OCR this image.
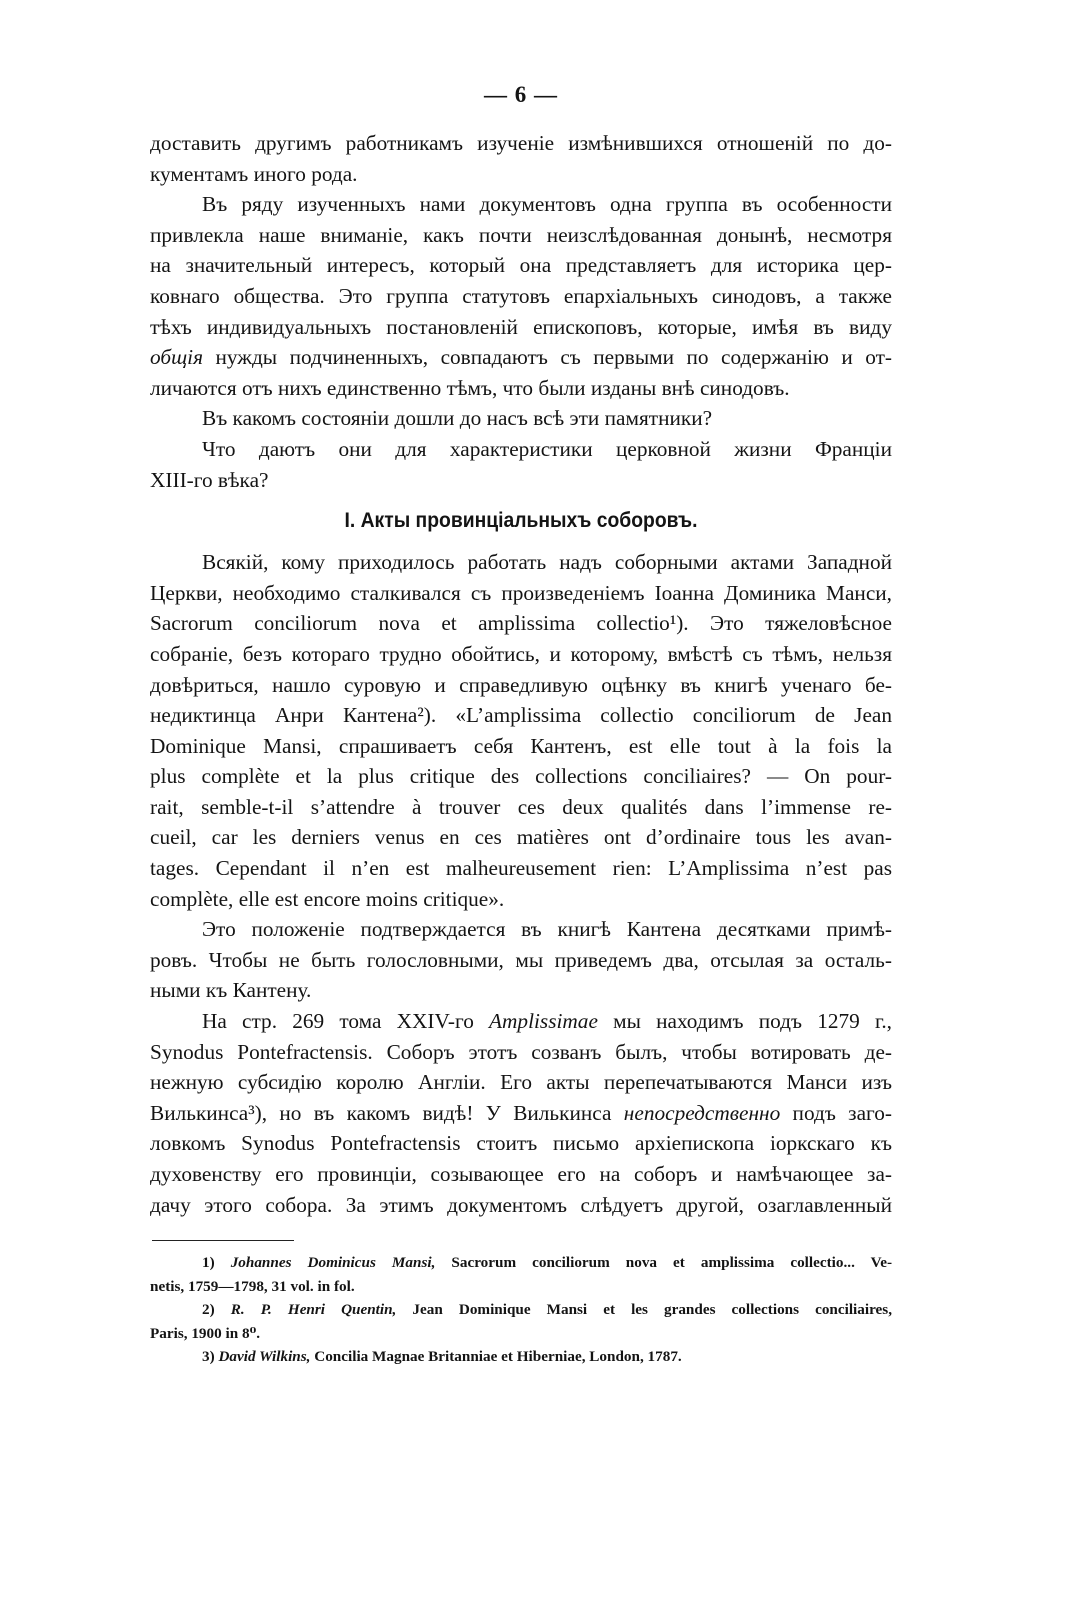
— 6 —
доставить другимъ работникамъ изученіе измѣнившихся отношеній по до-
кументамъ иного рода.
Въ ряду изученныхъ нами документовъ одна группа въ особенности
привлекла наше вниманіе, какъ почти неизслѣдованная донынѣ, несмотря
на значительный интересъ, который она представляетъ для историка цер-
ковнаго общества. Это группа статутовъ епархіальныхъ синодовъ, а также
тѣхъ индивидуальныхъ постановленій епископовъ, которые, имѣя въ виду
общія нужды подчиненныхъ, совпадаютъ съ первыми по содержанію и от-
личаются отъ нихъ единственно тѣмъ, что были изданы внѣ синодовъ.
Въ какомъ состояніи дошли до насъ всѣ эти памятники?
Что даютъ они для характеристики церковной жизни Франціи
XIII-го вѣка?
I. Акты провинціальныхъ соборовъ.
Всякій, кому приходилось работать надъ соборными актами Западной
Церкви, необходимо сталкивался съ произведеніемъ Іоанна Доминика Манси,
Sacrorum conciliorum nova et amplissima collectio¹). Это тяжеловѣсное
собраніе, безъ котораго трудно обойтись, и которому, вмѣстѣ съ тѣмъ, нельзя
довѣриться, нашло суровую и справедливую оцѣнку въ книгѣ ученаго бе-
недиктинца Анри Кантена²). «L’amplissima collectio conciliorum de Jean
Dominique Mansi, спрашиваетъ себя Кантенъ, est elle tout à la fois la
plus complète et la plus critique des collections conciliaires? — On pour-
rait, semble-t-il s’attendre à trouver ces deux qualités dans l’immense re-
cueil, car les derniers venus en ces matières ont d’ordinaire tous les avan-
tages. Cependant il n’en est malheureusement rien: L’Amplissima n’est pas
complète, elle est encore moins critique».
Это положеніе подтверждается въ книгѣ Кантена десятками примѣ-
ровъ. Чтобы не быть голословными, мы приведемъ два, отсылая за осталь-
ными къ Кантену.
На стр. 269 тома XXIV-го Amplissimae мы находимъ подъ 1279 г.,
Synodus Pontefractensis. Соборъ этотъ созванъ былъ, чтобы вотировать де-
нежную субсидію королю Англіи. Его акты перепечатываются Манси изъ
Вилькинса³), но въ какомъ видѣ! У Вилькинса непосредственно подъ заго-
ловкомъ Synodus Pontefractensis стоитъ письмо архіепископа іоркскаго къ
духовенству его провинціи, созывающее его на соборъ и намѣчающее за-
дачу этого собора. За этимъ документомъ слѣдуетъ другой, озаглавленный
1) Johannes Dominicus Mansi, Sacrorum conciliorum nova et amplissima collectio... Ve-
netis, 1759—1798, 31 vol. in fol.
2) R. P. Henri Quentin, Jean Dominique Mansi et les grandes collections conciliaires,
Paris, 1900 in 8⁰.
3) David Wilkins, Concilia Magnae Britanniae et Hiberniae, London, 1787.
